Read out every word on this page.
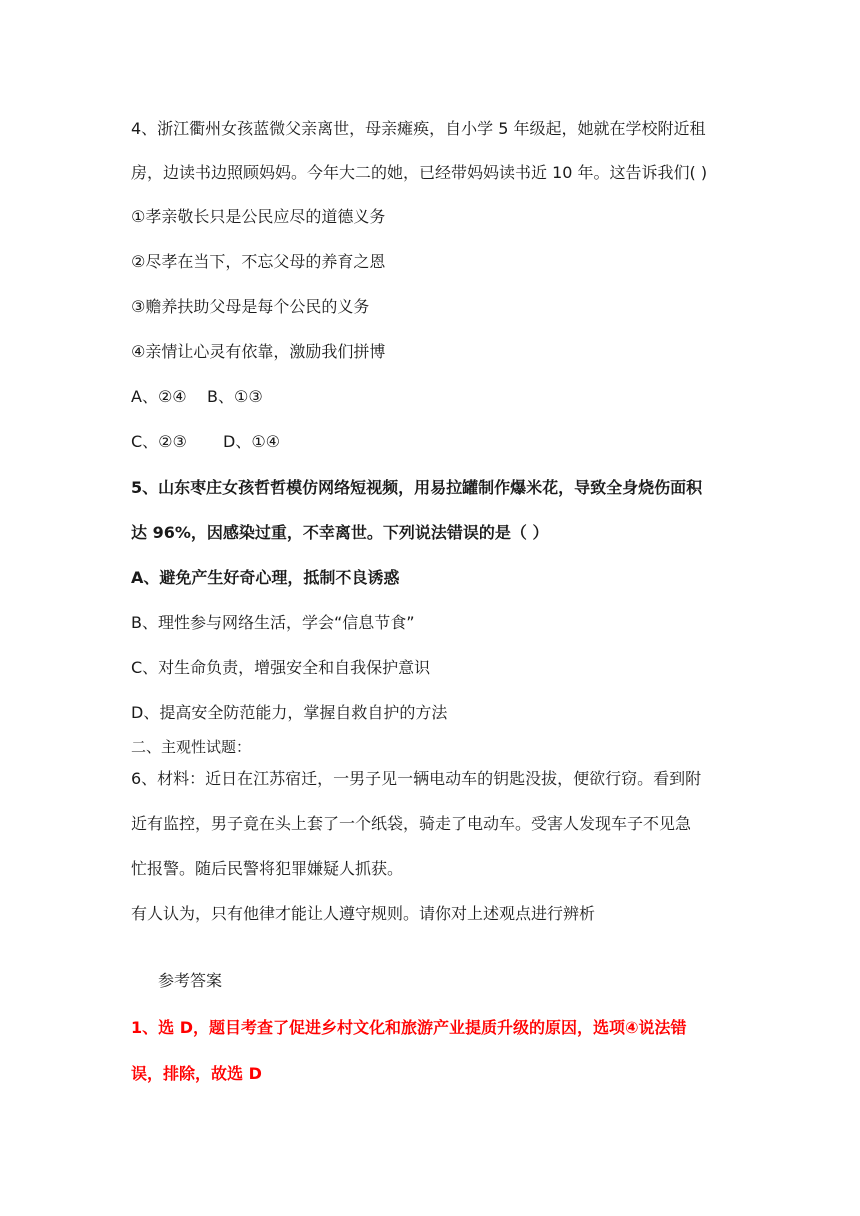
4、浙江衢州女孩蓝微父亲离世，母亲瘫痪，自小学 5 年级起，她就在学校附近租
房，边读书边照顾妈妈。今年大二的她，已经带妈妈读书近 10 年。这告诉我们( )
①孝亲敬长只是公民应尽的道德义务
②尽孝在当下，不忘父母的养育之恩
③赡养扶助父母是每个公民的义务
④亲情让心灵有依靠，激励我们拼博
A、②④ B、①③
C、②③ D、①④
5、山东枣庄女孩哲哲模仿网络短视频，用易拉罐制作爆米花，导致全身烧伤面积
达 96%，因感染过重，不幸离世。下列说法错误的是（ ）
A、避免产生好奇心理，抵制不良诱惑
B、理性参与网络生活，学会“信息节食”
C、对生命负责，增强安全和自我保护意识
D、提高安全防范能力，掌握自救自护的方法
二、主观性试题：
6、材料：近日在江苏宿迁，一男子见一辆电动车的钥匙没拔，便欲行窃。看到附
近有监控，男子竟在头上套了一个纸袋，骑走了电动车。受害人发现车子不见急
忙报警。随后民警将犯罪嫌疑人抓获。
有人认为，只有他律才能让人遵守规则。请你对上述观点进行辨析
参考答案
1、选 D，题目考查了促进乡村文化和旅游产业提质升级的原因，选项④说法错
误，排除，故选 D
